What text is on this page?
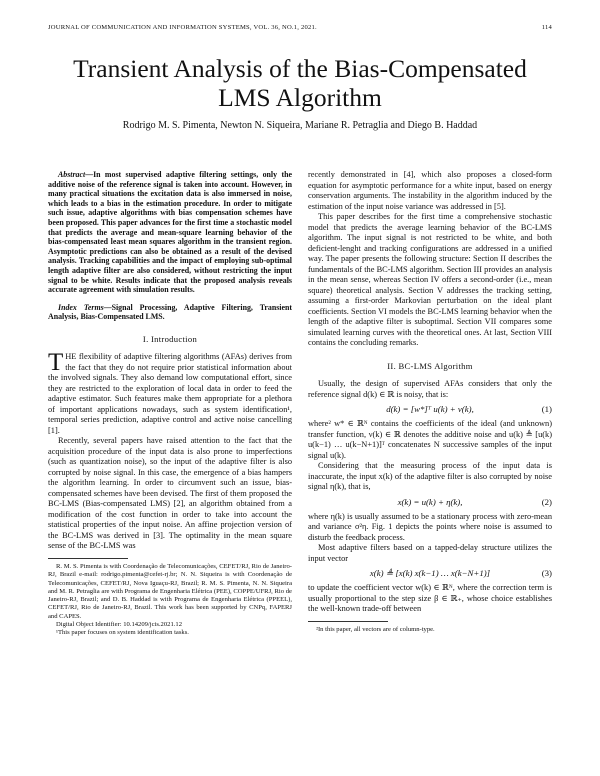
JOURNAL OF COMMUNICATION AND INFORMATION SYSTEMS, VOL. 36, NO.1, 2021.	114
Transient Analysis of the Bias-Compensated
LMS Algorithm
Rodrigo M. S. Pimenta, Newton N. Siqueira, Mariane R. Petraglia and Diego B. Haddad

Abstract—In most supervised adaptive filtering settings, only the additive noise of the reference signal is taken into account. However, in many practical situations the excitation data is also immersed in noise, which leads to a bias in the estimation procedure. In order to mitigate such issue, adaptive algorithms with bias compensation schemes have been proposed. This paper advances for the first time a stochastic model that predicts the average and mean-square learning behavior of the bias-compensated least mean squares algorithm in the transient region. Asymptotic predictions can also be obtained as a result of the devised analysis. Tracking capabilities and the impact of employing sub-optimal length adaptive filter are also considered, without restricting the input signal to be white. Results indicate that the proposed analysis reveals accurate agreement with simulation results.

Index Terms—Signal Processing, Adaptive Filtering, Transient Analysis, Bias-Compensated LMS.

I. Introduction

THE flexibility of adaptive filtering algorithms (AFAs) derives from the fact that they do not require prior statistical information about the involved signals. They also demand low computational effort, since they are restricted to the exploration of local data in order to feed the adaptive estimator. Such features make them appropriate for a plethora of important applications nowadays, such as system identification¹, temporal series prediction, adaptive control and active noise cancelling [1].

Recently, several papers have raised attention to the fact that the acquisition procedure of the input data is also prone to imperfections (such as quantization noise), so the input of the adaptive filter is also corrupted by noise signal. In this case, the emergence of a bias hampers the algorithm learning. In order to circumvent such an issue, bias-compensated schemes have been devised. The first of them proposed the BC-LMS (Bias-compensated LMS) [2], an algorithm obtained from a modification of the cost function in order to take into account the statistical properties of the input noise. An affine projection version of the BC-LMS was derived in [3]. The optimality in the mean square sense of the BC-LMS was

R. M. S. Pimenta is with Coordenação de Telecomunicações, CEFET/RJ, Rio de Janeiro-RJ, Brazil e-mail: rodrigo.pimenta@cefet-rj.br; N. N. Siqueira is with Coordenação de Telecomunicações, CEFET/RJ, Nova Iguaçu-RJ, Brazil; R. M. S. Pimenta, N. N. Siqueira and M. R. Petraglia are with Programa de Engenharia Elétrica (PEE), COPPE/UFRJ, Rio de Janeiro-RJ, Brazil; and D. B. Haddad is with Programa de Engenharia Elétrica (PPEEL), CEFET/RJ, Rio de Janeiro-RJ, Brazil. This work has been supported by CNPq, FAPERJ and CAPES.

Digital Object Identifier: 10.14209/jcis.2021.12

¹This paper focuses on system identification tasks.

recently demonstrated in [4], which also proposes a closed-form equation for asymptotic performance for a white input, based on energy conservation arguments. The instability in the algorithm induced by the estimation of the input noise variance was addressed in [5].

This paper describes for the first time a comprehensive stochastic model that predicts the average learning behavior of the BC-LMS algorithm. The input signal is not restricted to be white, and both deficient-lenght and tracking configurations are addressed in a unified way. The paper presents the following structure: Section II describes the fundamentals of the BC-LMS algorithm. Section III provides an analysis in the mean sense, whereas Section IV offers a second-order (i.e., mean square) theoretical analysis. Section V addresses the tracking setting, assuming a first-order Markovian perturbation on the ideal plant coefficients. Section VI models the BC-LMS learning behavior when the length of the adaptive filter is suboptimal. Section VII compares some simulated learning curves with the theoretical ones. At last, Section VIII contains the concluding remarks.

II. BC-LMS Algorithm

Usually, the design of supervised AFAs considers that only the reference signal d(k) ∈ ℝ is noisy, that is:

d(k) = [w*]ᵀ u(k) + ν(k),	(1)

where² w* ∈ ℝᴺ contains the coefficients of the ideal (and unknown) transfer function, ν(k) ∈ ℝ denotes the additive noise and u(k) ≜ [u(k) u(k−1) … u(k−N+1)]ᵀ concatenates N successive samples of the input signal u(k).

Considering that the measuring process of the input data is inaccurate, the input x(k) of the adaptive filter is also corrupted by noise signal η(k), that is,

x(k) = u(k) + η(k),	(2)

where η(k) is usually assumed to be a stationary process with zero-mean and variance σ²η. Fig. 1 depicts the points where noise is assumed to disturb the feedback process.

Most adaptive filters based on a tapped-delay structure utilizes the input vector

x(k) ≜ [x(k) x(k−1) … x(k−N+1)]	(3)

to update the coefficient vector w(k) ∈ ℝᴺ, where the correction term is usually proportional to the step size β ∈ ℝ₊, whose choice establishes the well-known trade-off between

²In this paper, all vectors are of column-type.
